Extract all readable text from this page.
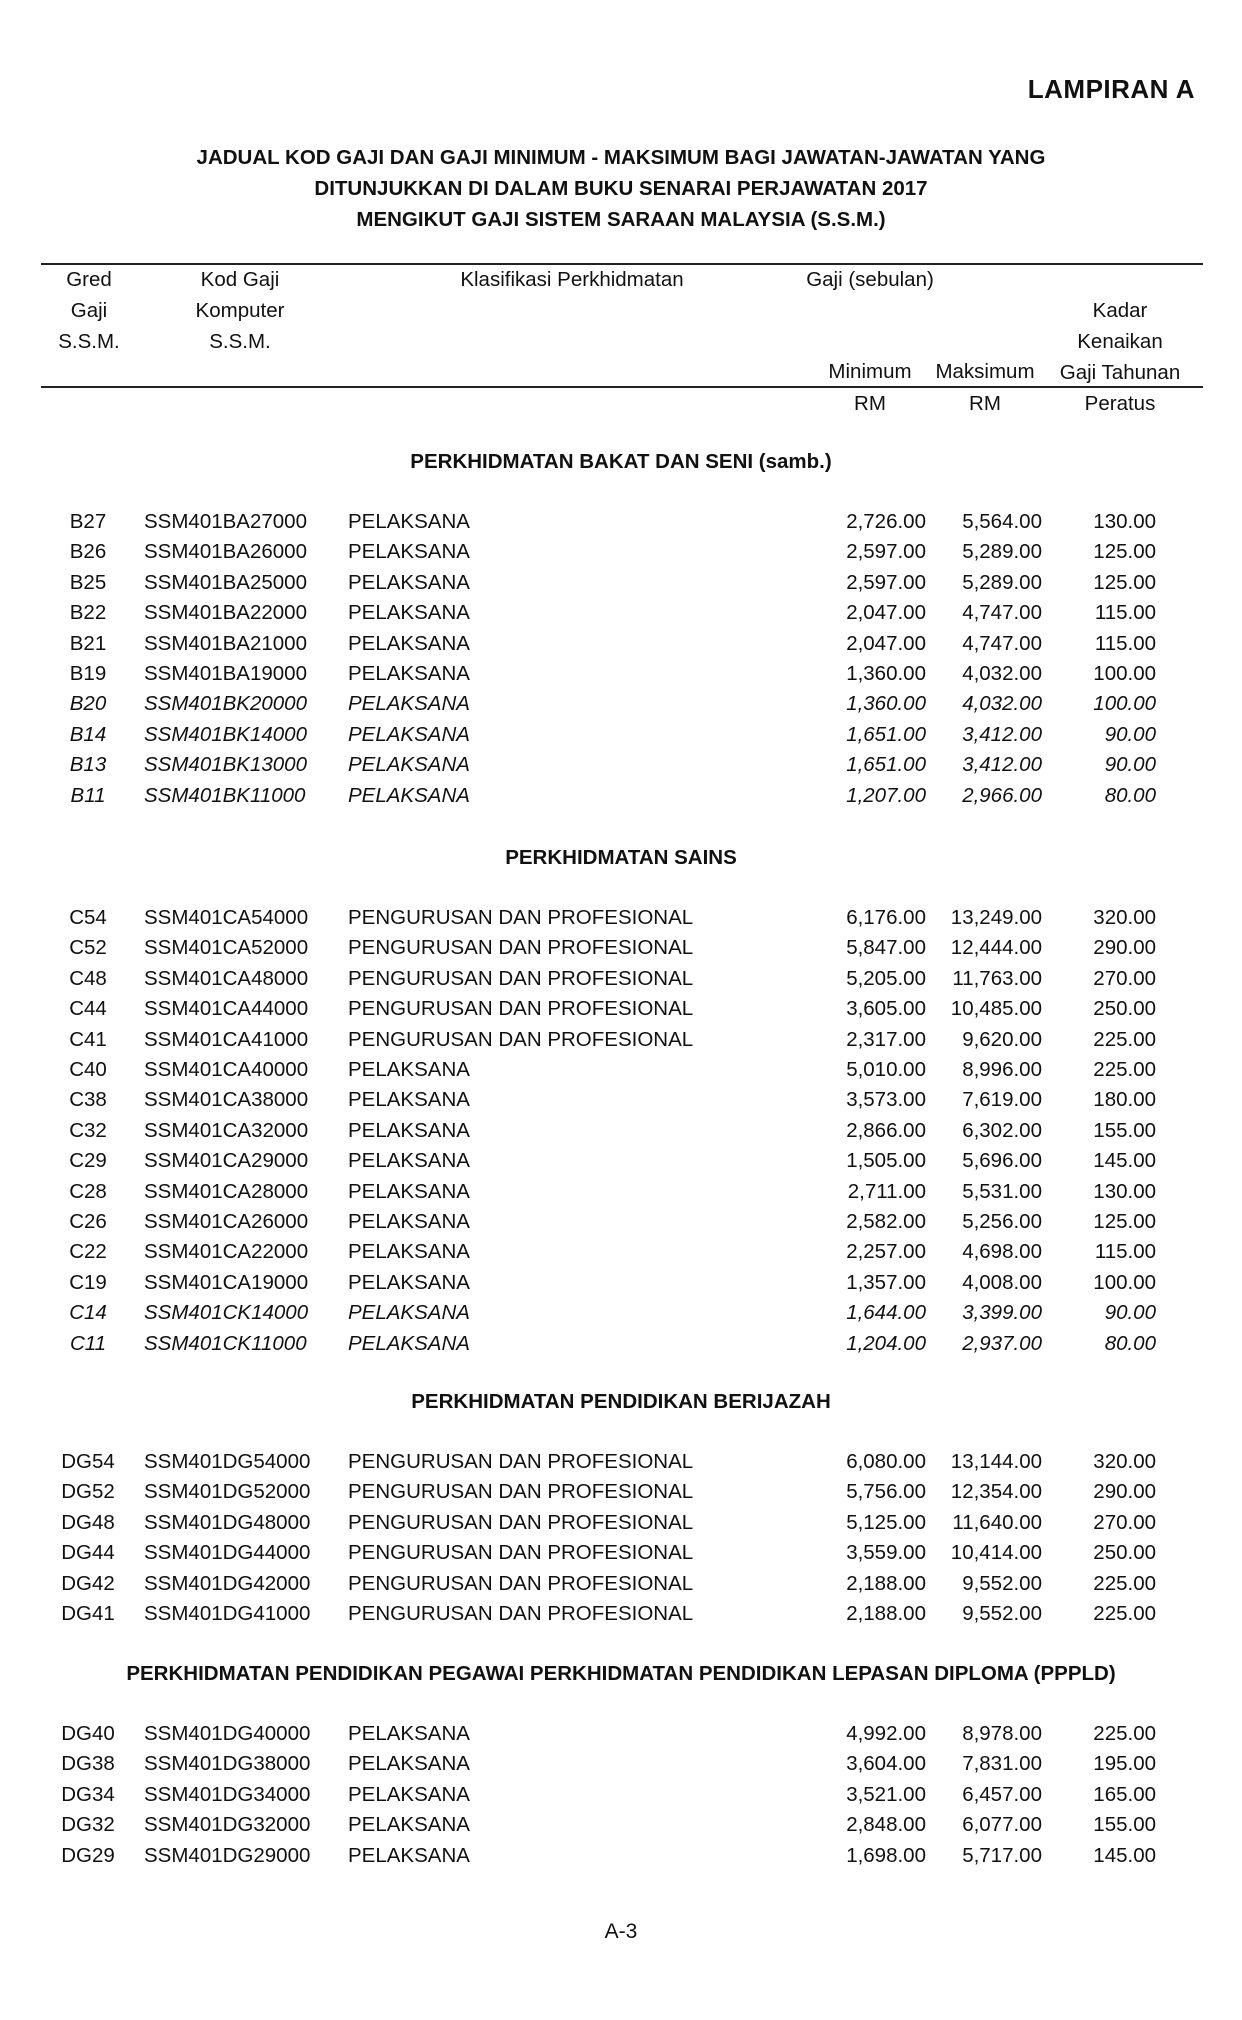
LAMPIRAN A
JADUAL KOD GAJI DAN GAJI MINIMUM - MAKSIMUM BAGI JAWATAN-JAWATAN YANG
DITUNJUKKAN DI DALAM BUKU SENARAI PERJAWATAN 2017
MENGIKUT GAJI SISTEM SARAAN MALAYSIA (S.S.M.)
Gred
Gaji
S.S.M.
Kod Gaji
Komputer
S.S.M.
Klasifikasi Perkhidmatan	Gaji (sebulan)
Minimum	Maksimum
Kadar
Kenaikan
Gaji Tahunan
RM	RM	Peratus
PERKHIDMATAN BAKAT DAN SENI (samb.)
B27	SSM401BA27000 PELAKSANA	2,726.00 5,564.00	130.00
B26	SSM401BA26000 PELAKSANA	2,597.00 5,289.00	125.00
B25	SSM401BA25000 PELAKSANA	2,597.00 5,289.00	125.00
B22	SSM401BA22000 PELAKSANA	2,047.00 4,747.00	115.00
B21	SSM401BA21000 PELAKSANA	2,047.00 4,747.00	115.00
B19	SSM401BA19000 PELAKSANA	1,360.00 4,032.00	100.00
B20	SSM401BK20000 PELAKSANA	1,360.00 4,032.00	100.00
B14	SSM401BK14000 PELAKSANA	1,651.00 3,412.00	90.00
B13	SSM401BK13000 PELAKSANA	1,651.00 3,412.00	90.00
B11	SSM401BK11000 PELAKSANA	1,207.00 2,966.00	80.00
PERKHIDMATAN SAINS
C54	SSM401CA54000 PENGURUSAN DAN PROFESIONAL	6,176.00 13,249.00	320.00
C52	SSM401CA52000 PENGURUSAN DAN PROFESIONAL	5,847.00 12,444.00	290.00
C48	SSM401CA48000 PENGURUSAN DAN PROFESIONAL	5,205.00 11,763.00	270.00
C44	SSM401CA44000 PENGURUSAN DAN PROFESIONAL	3,605.00 10,485.00	250.00
C41	SSM401CA41000 PENGURUSAN DAN PROFESIONAL	2,317.00 9,620.00	225.00
C40	SSM401CA40000 PELAKSANA	5,010.00 8,996.00	225.00
C38	SSM401CA38000 PELAKSANA	3,573.00 7,619.00	180.00
C32	SSM401CA32000 PELAKSANA	2,866.00 6,302.00	155.00
C29	SSM401CA29000 PELAKSANA	1,505.00 5,696.00	145.00
C28	SSM401CA28000 PELAKSANA	2,711.00 5,531.00	130.00
C26	SSM401CA26000 PELAKSANA	2,582.00 5,256.00	125.00
C22	SSM401CA22000 PELAKSANA	2,257.00 4,698.00	115.00
C19	SSM401CA19000 PELAKSANA	1,357.00 4,008.00	100.00
C14	SSM401CK14000 PELAKSANA	1,644.00 3,399.00	90.00
C11	SSM401CK11000 PELAKSANA	1,204.00 2,937.00	80.00
PERKHIDMATAN PENDIDIKAN BERIJAZAH
DG54	SSM401DG54000 PENGURUSAN DAN PROFESIONAL	6,080.00 13,144.00	320.00
DG52	SSM401DG52000 PENGURUSAN DAN PROFESIONAL	5,756.00 12,354.00	290.00
DG48	SSM401DG48000 PENGURUSAN DAN PROFESIONAL	5,125.00 11,640.00	270.00
DG44	SSM401DG44000 PENGURUSAN DAN PROFESIONAL	3,559.00 10,414.00	250.00
DG42	SSM401DG42000 PENGURUSAN DAN PROFESIONAL	2,188.00 9,552.00	225.00
DG41	SSM401DG41000 PENGURUSAN DAN PROFESIONAL	2,188.00 9,552.00	225.00
PERKHIDMATAN PENDIDIKAN PEGAWAI PERKHIDMATAN PENDIDIKAN LEPASAN DIPLOMA (PPPLD)
DG40	SSM401DG40000 PELAKSANA	4,992.00 8,978.00	225.00
DG38	SSM401DG38000 PELAKSANA	3,604.00 7,831.00	195.00
DG34	SSM401DG34000 PELAKSANA	3,521.00 6,457.00	165.00
DG32	SSM401DG32000 PELAKSANA	2,848.00 6,077.00	155.00
DG29	SSM401DG29000 PELAKSANA	1,698.00 5,717.00	145.00
A-3
